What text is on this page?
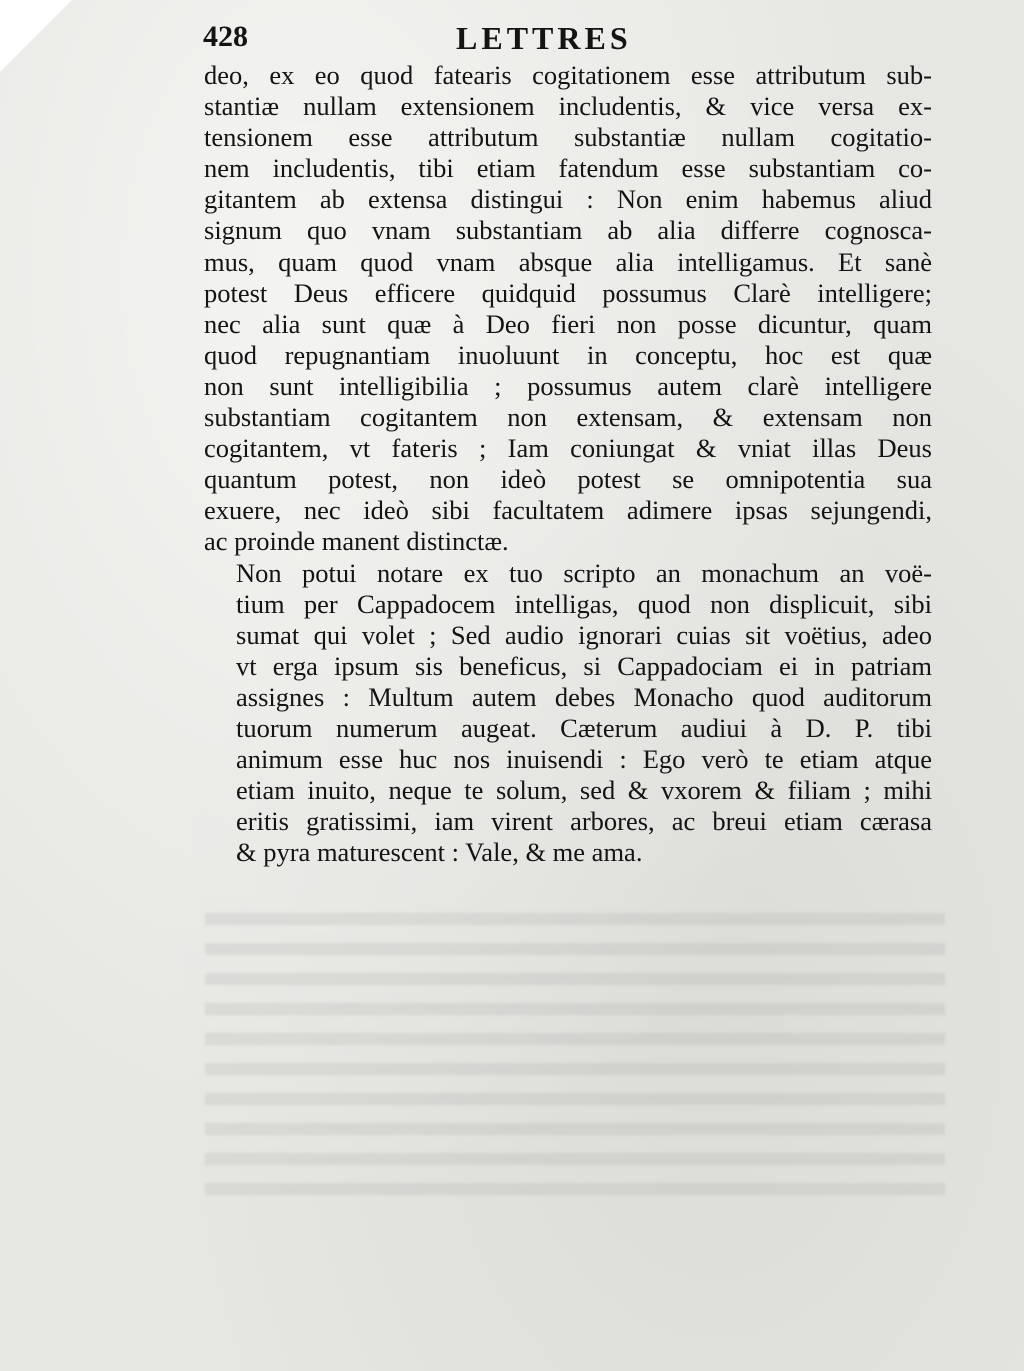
428	LETTRES

deo, ex eo quod fatearis cogitationem esse attributum sub-
stantiæ nullam extensionem includentis, & vice versa ex-
tensionem esse attributum substantiæ nullam cogitatio-
nem includentis, tibi etiam fatendum esse substantiam co-
gitantem ab extensa distingui : Non enim habemus aliud
signum quo vnam substantiam ab alia differre cognosca-
mus, quam quod vnam absque alia intelligamus. Et sanè
potest Deus efficere quidquid possumus Clarè intelligere;
nec alia sunt quæ à Deo fieri non posse dicuntur, quam
quod repugnantiam inuoluunt in conceptu, hoc est quæ
non sunt intelligibilia ; possumus autem clarè intelligere
substantiam cogitantem non extensam, & extensam non
cogitantem, vt fateris ; Iam coniungat & vniat illas Deus
quantum potest, non ideò potest se omnipotentia sua
exuere, nec ideò sibi facultatem adimere ipsas sejungendi,
ac proinde manent distinctæ.

Non potui notare ex tuo scripto an monachum an voë-
tium per Cappadocem intelligas, quod non displicuit, sibi
sumat qui volet ; Sed audio ignorari cuias sit voëtius, adeo
vt erga ipsum sis beneficus, si Cappadociam ei in patriam
assignes : Multum autem debes Monacho quod auditorum
tuorum numerum augeat. Cæterum audiui à D. P. tibi
animum esse huc nos inuisendi : Ego verò te etiam atque
etiam inuito, neque te solum, sed & vxorem & filiam ; mihi
eritis gratissimi, iam virent arbores, ac breui etiam cærasa
& pyra maturescent : Vale, & me ama.
